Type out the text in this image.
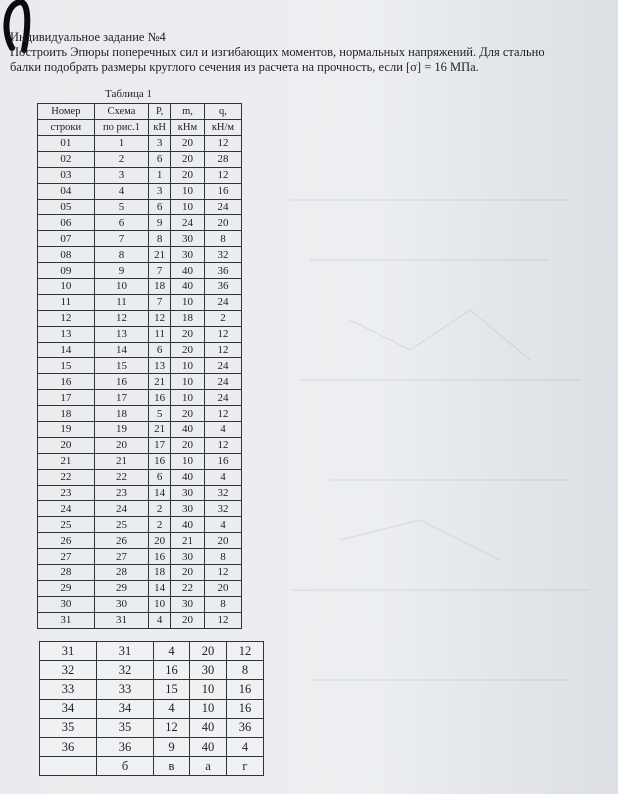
Индивидуальное задание №4
Построить Эпюры поперечных сил и изгибающих моментов, нормальных напряжений. Для стально
балки подобрать размеры круглого сечения из расчета на прочность, если [σ] = 16 МПа.
Таблица 1
Номер	Схема	P,	m,	q,
строки	по рис.1	кН	кНм	кН/м
01	1	3	20	12
02	2	6	20	28
03	3	1	20	12
04	4	3	10	16
05	5	6	10	24
06	6	9	24	20
07	7	8	30	8
08	8	21	30	32
09	9	7	40	36
10	10	18	40	36
11	11	7	10	24
12	12	12	18	2
13	13	11	20	12
14	14	6	20	12
15	15	13	10	24
16	16	21	10	24
17	17	16	10	24
18	18	5	20	12
19	19	21	40	4
20	20	17	20	12
21	21	16	10	16
22	22	6	40	4
23	23	14	30	32
24	24	2	30	32
25	25	2	40	4
26	26	20	21	20
27	27	16	30	8
28	28	18	20	12
29	29	14	22	20
30	30	10	30	8
31	31	4	20	12
31	31	4	20	12
32	32	16	30	8
33	33	15	10	16
34	34	4	10	16
35	35	12	40	36
36	36	9	40	4
	б	в	а	г
